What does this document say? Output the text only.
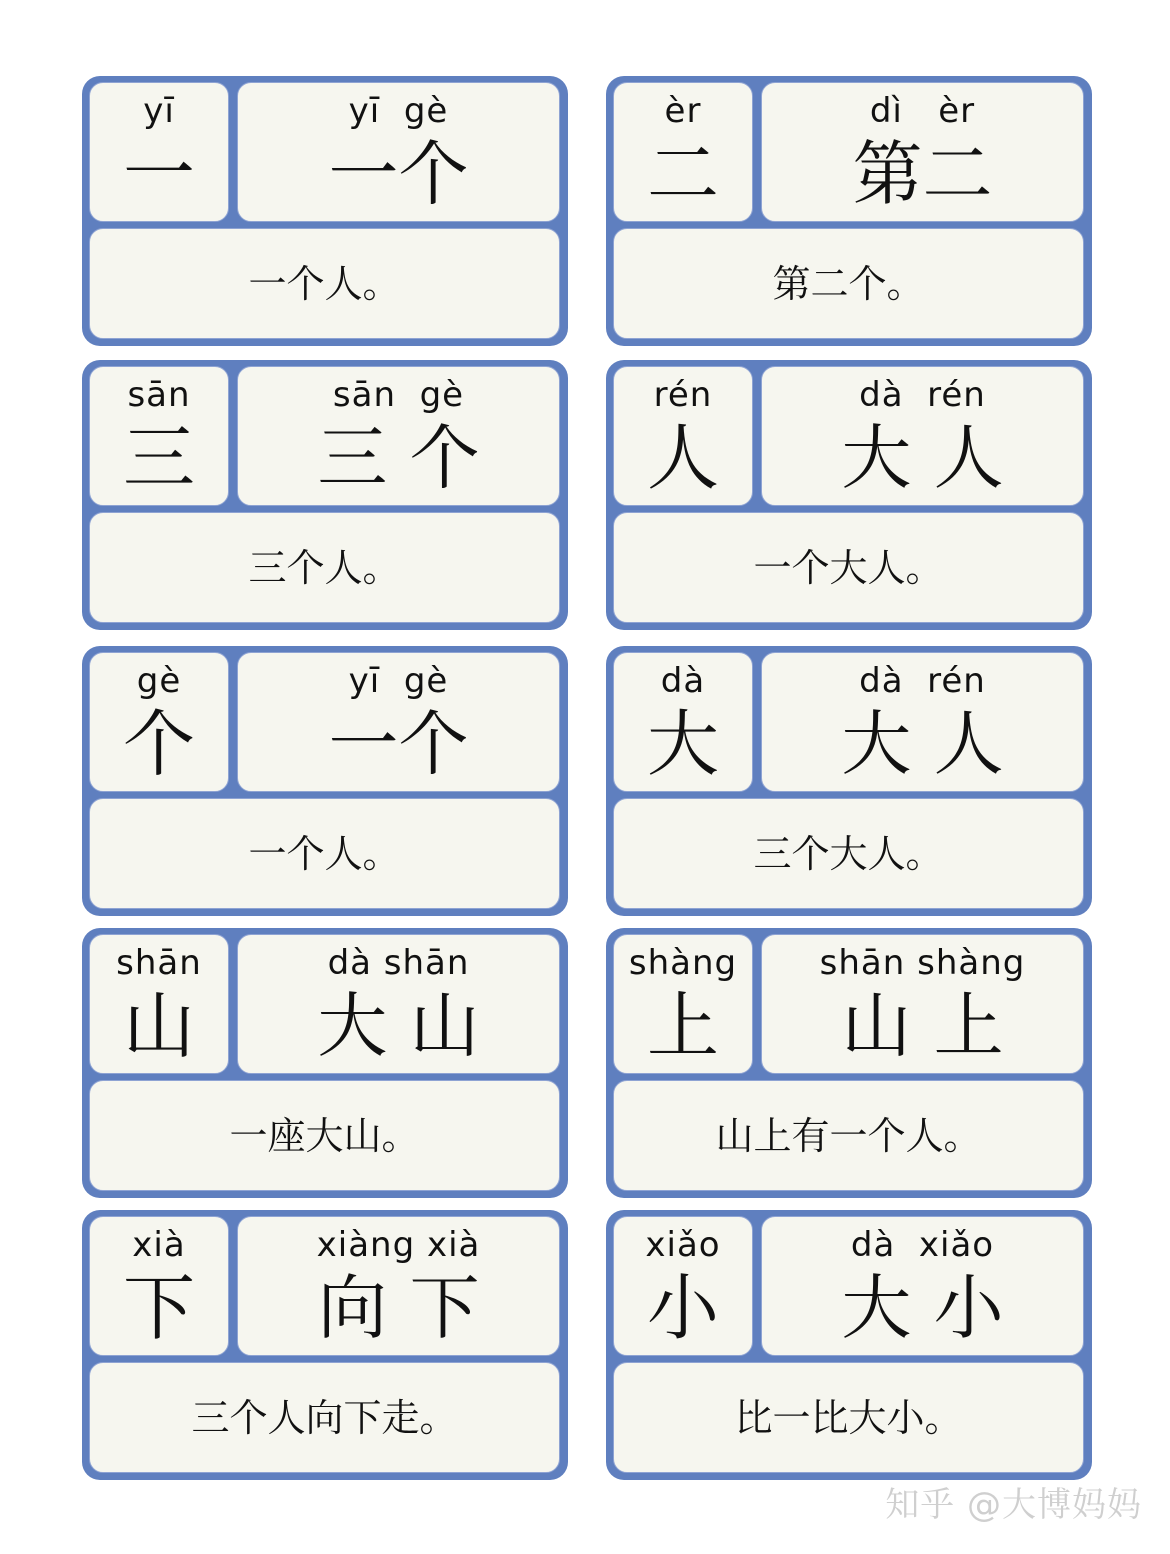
yī
一
yī  gè
一个
一个人。
èr
二
dì   èr
第二
第二个。
sān
三
sān  gè
三 个
三个人。
rén
人
dà  rén
大 人
一个大人。
gè
个
yī  gè
一个
一个人。
dà
大
dà  rén
大 人
三个大人。
shān
山
dà shān
大 山
一座大山。
shàng
上
shān shàng
山 上
山上有一个人。
xià
下
xiàng xià
向 下
三个人向下走。
xiǎo
小
dà  xiǎo
大 小
比一比大小。
知乎 @大博妈妈
